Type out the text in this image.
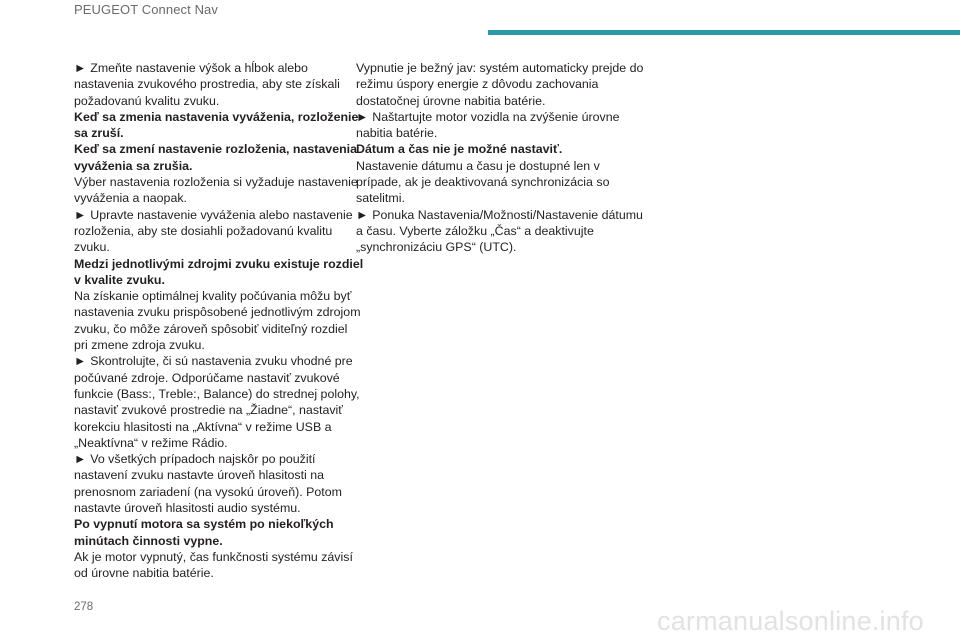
PEUGEOT Connect Nav

► Zmeňte nastavenie výšok a hĺbok alebo nastavenia zvukového prostredia, aby ste získali požadovanú kvalitu zvuku.

Keď sa zmenia nastavenia vyváženia, rozloženie sa zruší.

Keď sa zmení nastavenie rozloženia, nastavenia vyváženia sa zrušia.

Výber nastavenia rozloženia si vyžaduje nastavenie vyváženia a naopak.

► Upravte nastavenie vyváženia alebo nastavenie rozloženia, aby ste dosiahli požadovanú kvalitu zvuku.

Medzi jednotlivými zdrojmi zvuku existuje rozdiel v kvalite zvuku.

Na získanie optimálnej kvality počúvania môžu byť nastavenia zvuku prispôsobené jednotlivým zdrojom zvuku, čo môže zároveň spôsobiť viditeľný rozdiel pri zmene zdroja zvuku.

► Skontrolujte, či sú nastavenia zvuku vhodné pre počúvané zdroje. Odporúčame nastaviť zvukové funkcie (Bass:, Treble:, Balance) do strednej polohy, nastaviť zvukové prostredie na „Žiadne“, nastaviť korekciu hlasitosti na „Aktívna“ v režime USB a „Neaktívna“ v režime Rádio.

► Vo všetkých prípadoch najskôr po použití nastavení zvuku nastavte úroveň hlasitosti na prenosnom zariadení (na vysokú úroveň). Potom nastavte úroveň hlasitosti audio systému.

Po vypnutí motora sa systém po niekoľkých minútach činnosti vypne.

Ak je motor vypnutý, čas funkčnosti systému závisí od úrovne nabitia batérie.

Vypnutie je bežný jav: systém automaticky prejde do režimu úspory energie z dôvodu zachovania dostatočnej úrovne nabitia batérie.

► Naštartujte motor vozidla na zvýšenie úrovne nabitia batérie.

Dátum a čas nie je možné nastaviť.

Nastavenie dátumu a času je dostupné len v prípade, ak je deaktivovaná synchronizácia so satelitmi.

► Ponuka Nastavenia/Možnosti/Nastavenie dátumu a času. Vyberte záložku „Čas“ a deaktivujte „synchronizáciu GPS“ (UTC).

278	carmanualsonline.info
